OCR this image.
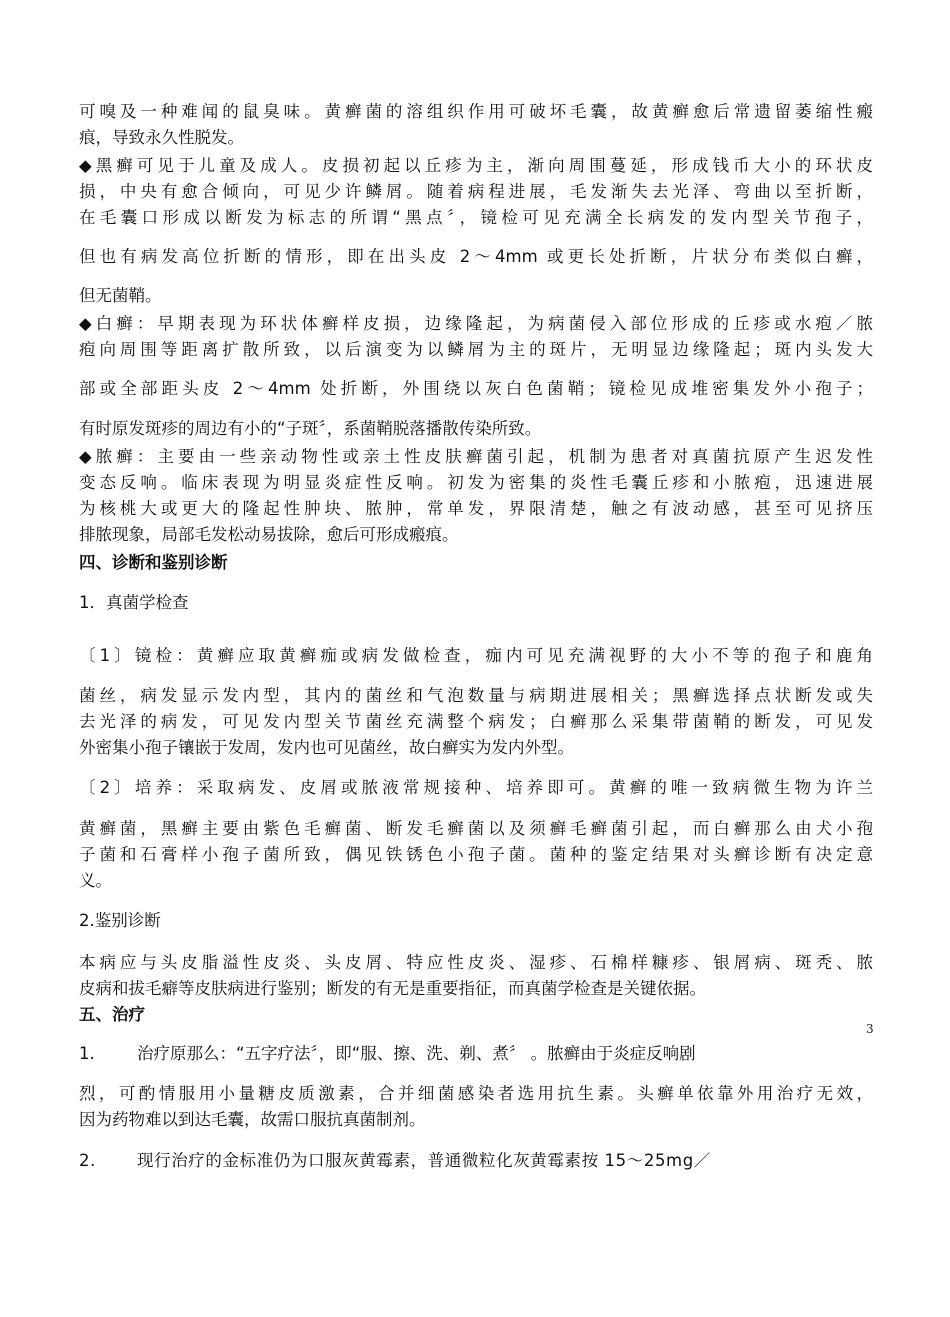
可嗅及一种难闻的鼠臭味。黄癣菌的溶组织作用可破坏毛囊，故黄癣愈后常遗留萎缩性瘢
痕，导致永久性脱发。
◆黑癣可见于儿童及成人。皮损初起以丘疹为主，渐向周围蔓延，形成钱币大小的环状皮
损，中央有愈合倾向，可见少许鳞屑。随着病程进展，毛发渐失去光泽、弯曲以至折断，
在毛囊口形成以断发为标志的所谓“黑点〞，镜检可见充满全长病发的发内型关节孢子，
但也有病发高位折断的情形，即在出头皮 2～4mm 或更长处折断，片状分布类似白癣，
但无菌鞘。
◆白癣：早期表现为环状体癣样皮损，边缘隆起，为病菌侵入部位形成的丘疹或水疱／脓
疱向周围等距离扩散所致，以后演变为以鳞屑为主的斑片，无明显边缘隆起；斑内头发大
部或全部距头皮 2～4mm 处折断，外围绕以灰白色菌鞘；镜检见成堆密集发外小孢子；
有时原发斑疹的周边有小的“子斑〞，系菌鞘脱落播散传染所致。
◆脓癣：主要由一些亲动物性或亲土性皮肤癣菌引起，机制为患者对真菌抗原产生迟发性
变态反响。临床表现为明显炎症性反响。初发为密集的炎性毛囊丘疹和小脓疱，迅速进展
为核桃大或更大的隆起性肿块、脓肿，常单发，界限清楚，触之有波动感，甚至可见挤压
排脓现象，局部毛发松动易拔除，愈后可形成瘢痕。
四、诊断和鉴别诊断
1．真菌学检查
〔1〕镜检：黄癣应取黄癣痂或病发做检查，痂内可见充满视野的大小不等的孢子和鹿角
菌丝，病发显示发内型，其内的菌丝和气泡数量与病期进展相关；黑癣选择点状断发或失
去光泽的病发，可见发内型关节菌丝充满整个病发；白癣那么采集带菌鞘的断发，可见发
外密集小孢子镶嵌于发周，发内也可见菌丝，故白癣实为发内外型。
〔2〕培养：采取病发、皮屑或脓液常规接种、培养即可。黄癣的唯一致病微生物为许兰
黄癣菌，黑癣主要由紫色毛癣菌、断发毛癣菌以及须癣毛癣菌引起，而白癣那么由犬小孢
子菌和石膏样小孢子菌所致，偶见铁锈色小孢子菌。菌种的鉴定结果对头癣诊断有决定意
义。
2.鉴别诊断
本病应与头皮脂溢性皮炎、头皮屑、特应性皮炎、湿疹、石棉样糠疹、银屑病、斑秃、脓
皮病和拔毛癖等皮肤病进行鉴别；断发的有无是重要指征，而真菌学检查是关键依据。
五、治疗
1.	治疗原那么：“五字疗法〞，即“服、擦、洗、剃、煮〞 。脓癣由于炎症反响剧
烈，可酌情服用小量糖皮质激素，合并细菌感染者选用抗生素。头癣单依靠外用治疗无效，
因为药物难以到达毛囊，故需口服抗真菌制剂。
2. 现行治疗的金标准仍为口服灰黄霉素，普通微粒化灰黄霉素按 15～25mg／
3
